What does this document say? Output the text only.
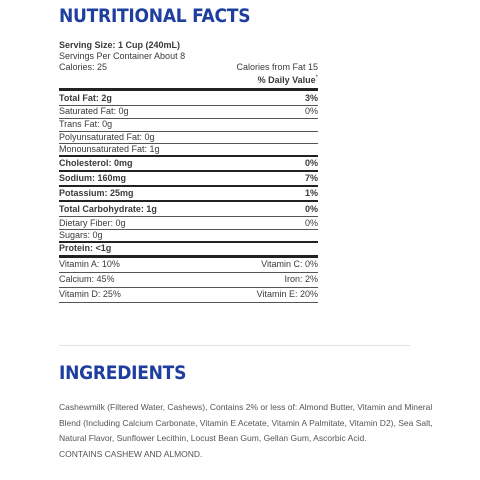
NUTRITIONAL FACTS
Serving Size: 1 Cup (240mL)
Servings Per Container About 8
Calories: 25	Calories from Fat 15
% Daily Value*
Total Fat: 2g	3%
Saturated Fat: 0g	0%
Trans Fat: 0g
Polyunsaturated Fat: 0g
Monounsaturated Fat: 1g
Cholesterol: 0mg	0%
Sodium: 160mg	7%
Potassium: 25mg	1%
Total Carbohydrate: 1g	0%
Dietary Fiber: 0g	0%
Sugars: 0g
Protein: <1g
Vitamin A: 10%	Vitamin C: 0%
Calcium: 45%	Iron: 2%
Vitamin D: 25%	Vitamin E: 20%
INGREDIENTS

Cashewmilk (Filtered Water, Cashews), Contains 2% or less of: Almond Butter, Vitamin and Mineral Blend (Including Calcium Carbonate, Vitamin E Acetate, Vitamin A Palmitate, Vitamin D2), Sea Salt, Natural Flavor, Sunflower Lecithin, Locust Bean Gum, Gellan Gum, Ascorbic Acid.

CONTAINS CASHEW AND ALMOND.
